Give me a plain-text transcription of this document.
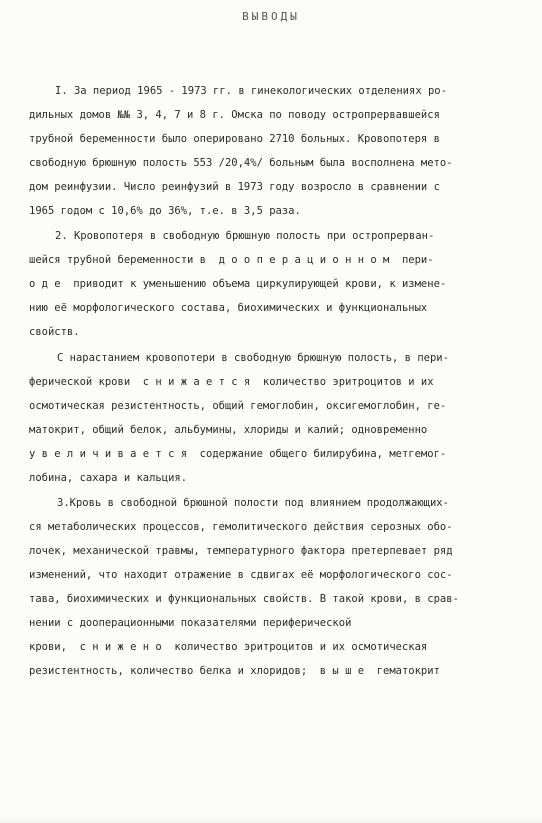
ВЫВОДЫ
I. За период 1965 - 1973 гг. в гинекологических отделениях ро-
дильных домов №№ 3, 4, 7 и 8 г. Омска по поводу остропрервавшейся
трубной беременности было оперировано 2710 больных. Кровопотеря в
свободную брюшную полость 553 /20,4%/ больным была восполнена мето-
дом реинфузии. Число реинфузий в 1973 году возросло в сравнении с
1965 годом с 10,6% до 36%, т.е. в 3,5 раза.
2. Кровопотеря в свободную брюшную полость при остропрерван-
шейся трубной беременности в  д о о п е р а ц и о н н о м  пери-
о д е  приводит к уменьшению объема циркулирующей крови, к измене-
нию её морфологического состава, биохимических и функциональных
свойств.
С нарастанием кровопотери в свободную брюшную полость, в пери-
ферической крови  с н и ж а е т с я  количество эритроцитов и их
осмотическая резистентность, общий гемоглобин, оксигемоглобин, ге-
матокрит, общий белок, альбумины, хлориды и калий; одновременно
у в е л и ч и в а е т с я  содержание общего билирубина, метгемог-
лобина, сахара и кальция.
3.Кровь в свободной брюшной полости под влиянием продолжающих-
ся метаболических процессов, гемолитического действия серозных обо-
лочек, механической травмы, температурного фактора претерпевает ряд
изменений, что находит отражение в сдвигах её морфологического сос-
тава, биохимических и функциональных свойств. В такой крови, в срав-
нении с дооперационными показателями периферической
крови,  с н и ж е н о  количество эритроцитов и их осмотическая
резистентность, количество белка и хлоридов;  в ы ш е  гематокрит
